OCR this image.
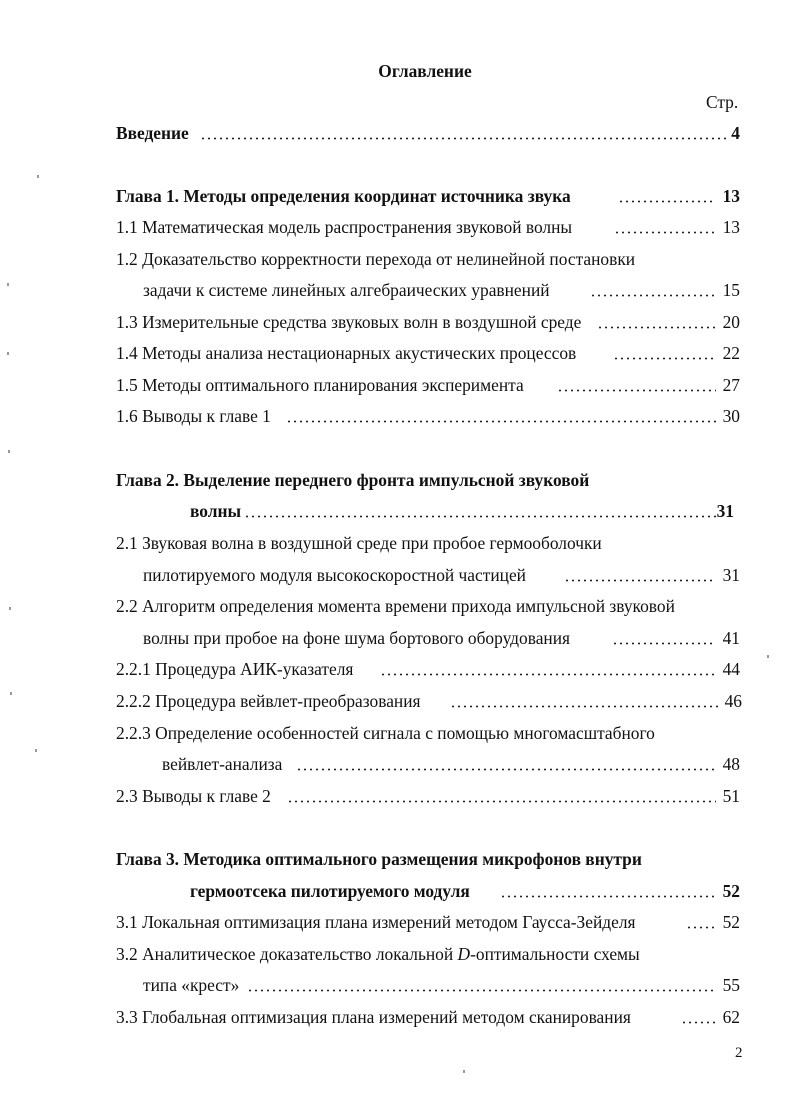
Оглавление
Стр.
Введение	4
Глава 1. Методы определения координат источника звука	13
1.1 Математическая модель распространения звуковой волны	13
1.2 Доказательство корректности перехода от нелинейной постановки
задачи к системе линейных алгебраических уравнений	15
1.3 Измерительные средства звуковых волн в воздушной среде	20
1.4 Методы анализа нестационарных акустических процессов	22
1.5 Методы оптимального планирования эксперимента	27
1.6 Выводы к главе 1	30
Глава 2. Выделение переднего фронта импульсной звуковой
волны	31
2.1 Звуковая волна в воздушной среде при пробое гермооболочки
пилотируемого модуля высокоскоростной частицей	31
2.2 Алгоритм определения момента времени прихода импульсной звуковой
волны при пробое на фоне шума бортового оборудования	41
2.2.1 Процедура АИК-указателя	44
2.2.2 Процедура вейвлет-преобразования	46
2.2.3 Определение особенностей сигнала с помощью многомасштабного
вейвлет-анализа	48
2.3 Выводы к главе 2	51
Глава 3. Методика оптимального размещения микрофонов внутри
гермоотсека пилотируемого модуля	52
3.1 Локальная оптимизация плана измерений методом Гаусса-Зейделя	52
3.2 Аналитическое доказательство локальной D-оптимальности схемы
типа «крест»	55
3.3 Глобальная оптимизация плана измерений методом сканирования	62
2
